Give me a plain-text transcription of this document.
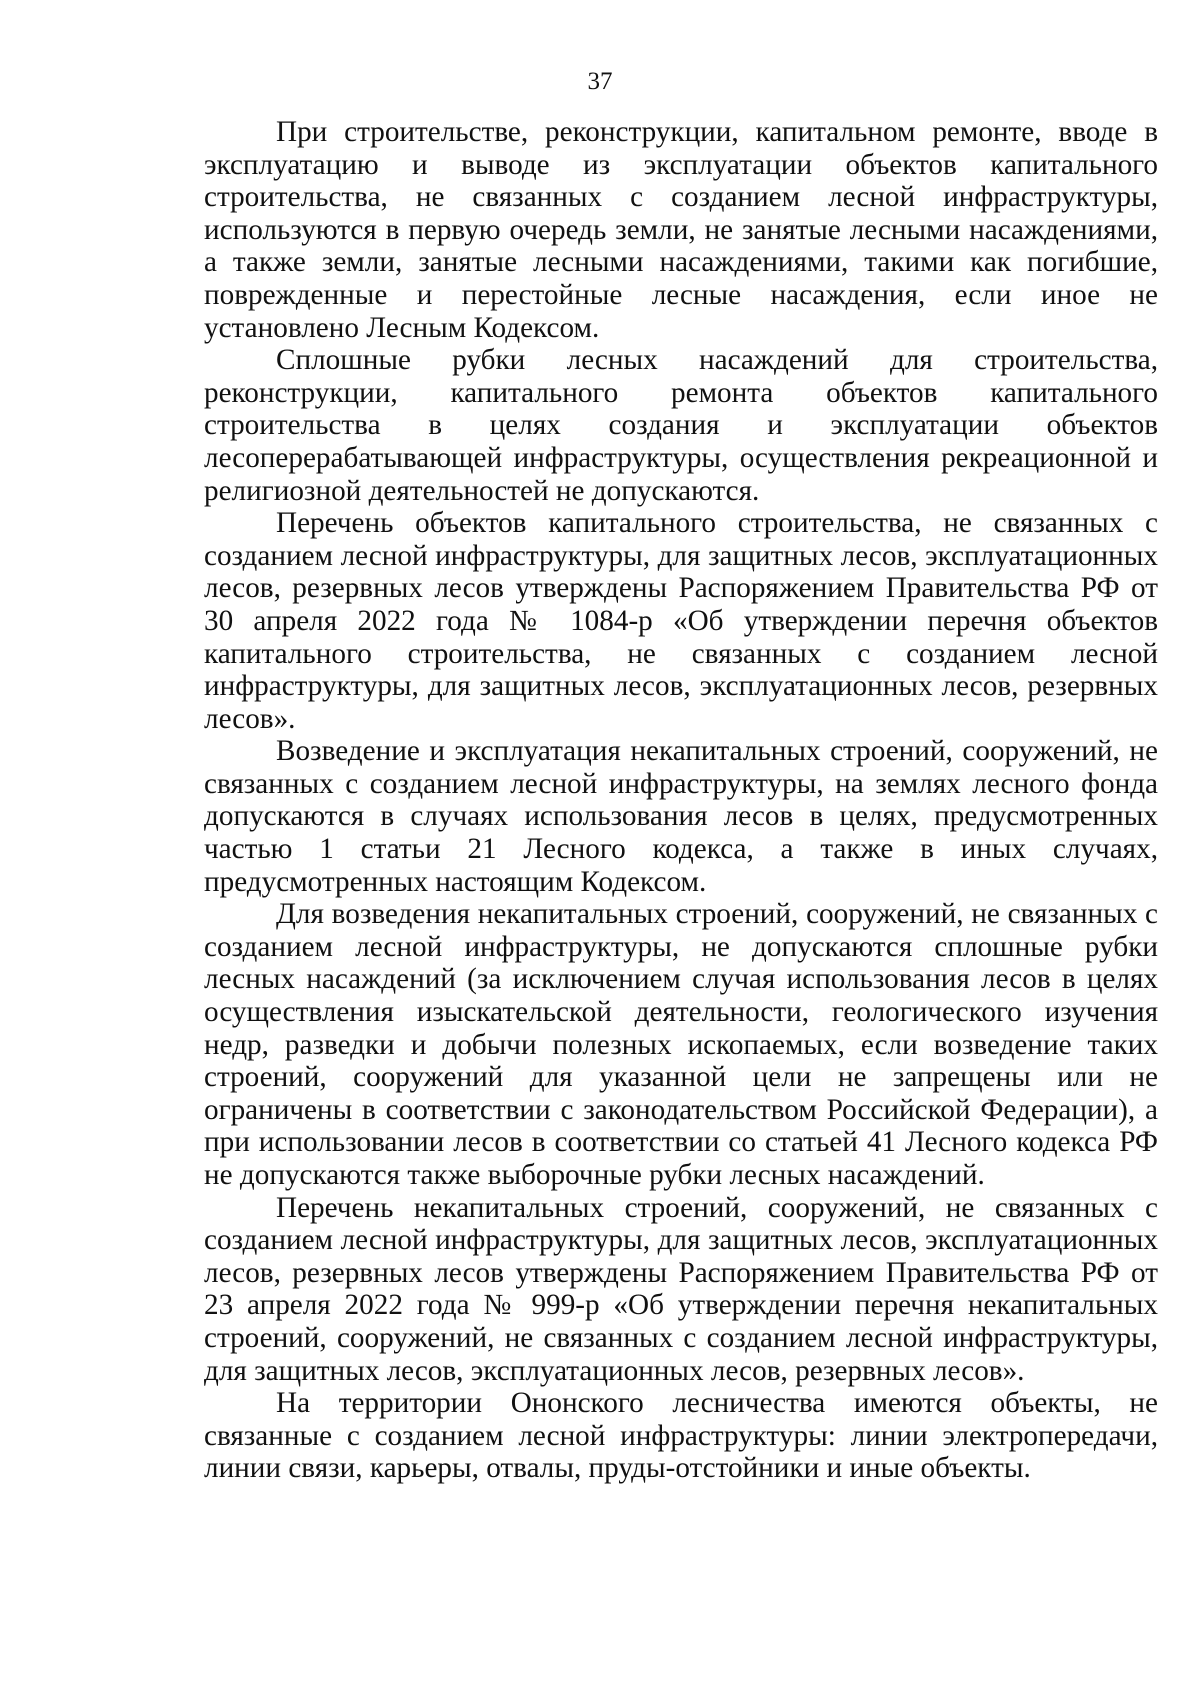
37

При строительстве, реконструкции, капитальном ремонте, вводе в эксплуатацию и выводе из эксплуатации объектов капитального строительства, не связанных с созданием лесной инфраструктуры, используются в первую очередь земли, не занятые лесными насаждениями, а также земли, занятые лесными насаждениями, такими как погибшие, поврежденные и перестойные лесные насаждения, если иное не установлено Лесным Кодексом.

Сплошные рубки лесных насаждений для строительства, реконструкции, капитального ремонта объектов капитального строительства в целях создания и эксплуатации объектов лесоперерабатывающей инфраструктуры, осуществления рекреационной и религиозной деятельностей не допускаются.

Перечень объектов капитального строительства, не связанных с созданием лесной инфраструктуры, для защитных лесов, эксплуатационных лесов, резервных лесов утверждены Распоряжением Правительства РФ от 30 апреля 2022 года № 1084-р «Об утверждении перечня объектов капитального строительства, не связанных с созданием лесной инфраструктуры, для защитных лесов, эксплуатационных лесов, резервных лесов».

Возведение и эксплуатация некапитальных строений, сооружений, не связанных с созданием лесной инфраструктуры, на землях лесного фонда допускаются в случаях использования лесов в целях, предусмотренных частью 1 статьи 21 Лесного кодекса, а также в иных случаях, предусмотренных настоящим Кодексом.

Для возведения некапитальных строений, сооружений, не связанных с созданием лесной инфраструктуры, не допускаются сплошные рубки лесных насаждений (за исключением случая использования лесов в целях осуществления изыскательской деятельности, геологического изучения недр, разведки и добычи полезных ископаемых, если возведение таких строений, сооружений для указанной цели не запрещены или не ограничены в соответствии с законодательством Российской Федерации), а при использовании лесов в соответствии со статьей 41 Лесного кодекса РФ не допускаются также выборочные рубки лесных насаждений.

Перечень некапитальных строений, сооружений, не связанных с созданием лесной инфраструктуры, для защитных лесов, эксплуатационных лесов, резервных лесов утверждены Распоряжением Правительства РФ от 23 апреля 2022 года № 999-р «Об утверждении перечня некапитальных строений, сооружений, не связанных с созданием лесной инфраструктуры, для защитных лесов, эксплуатационных лесов, резервных лесов».

На территории Ононского лесничества имеются объекты, не связанные с созданием лесной инфраструктуры: линии электропередачи, линии связи, карьеры, отвалы, пруды-отстойники и иные объекты.
